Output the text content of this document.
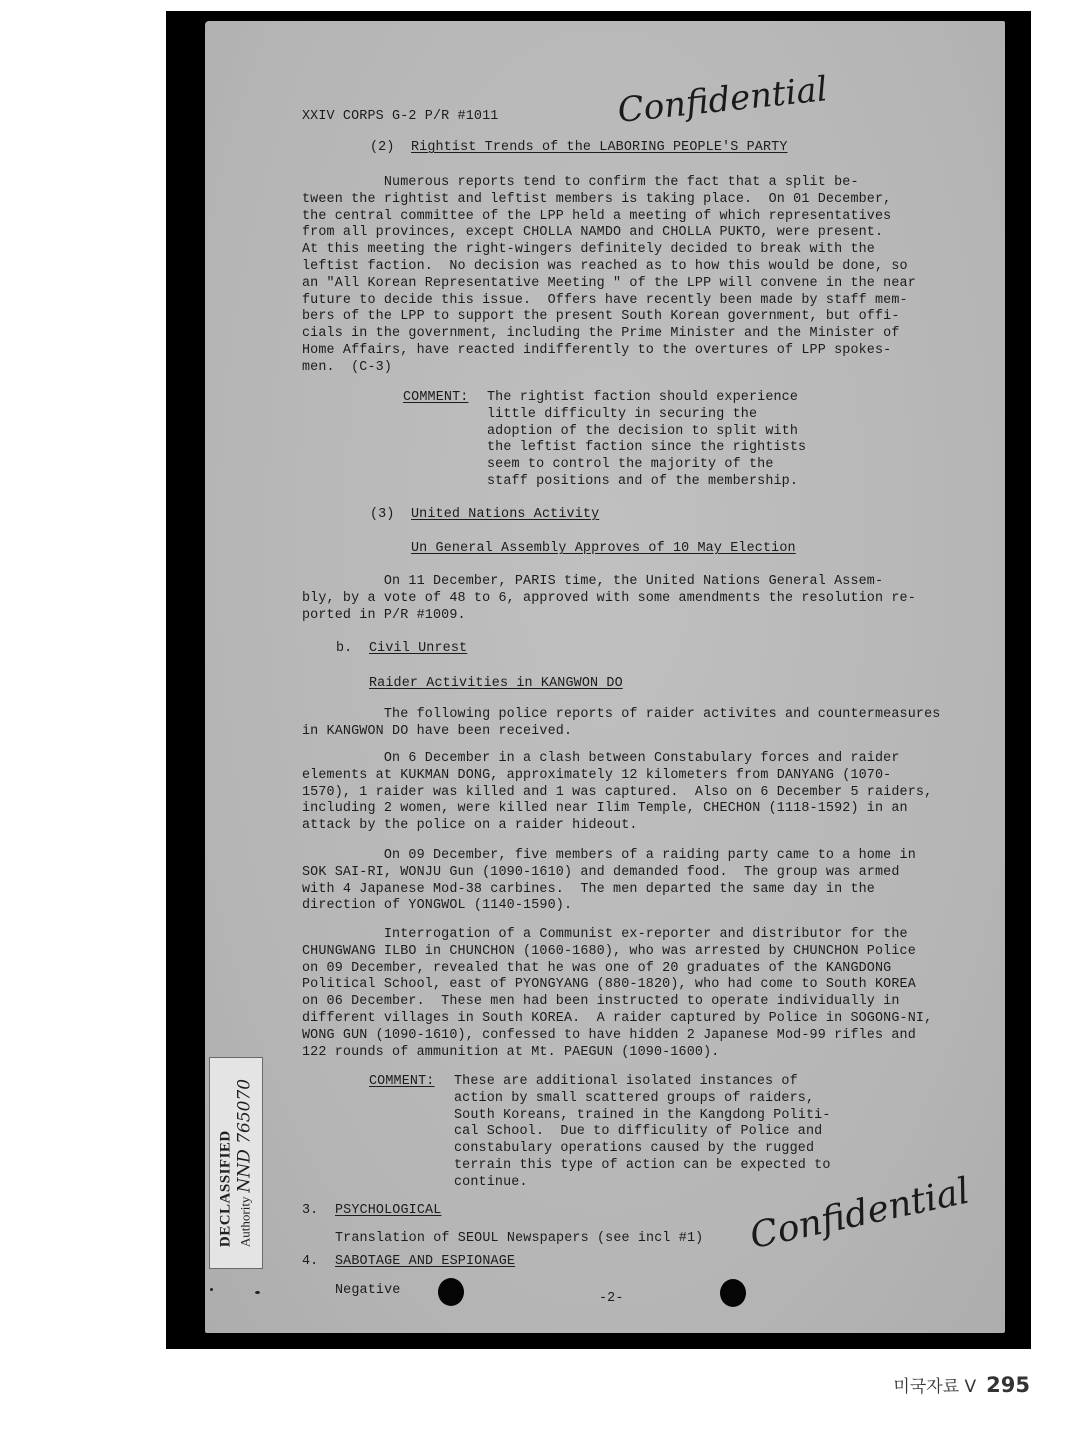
XXIV CORPS G-2 P/R #1011	Confidential
(2) Rightist Trends of the LABORING PEOPLE'S PARTY
Numerous reports tend to confirm the fact that a split be-
tween the rightist and leftist members is taking place.  On 01 December,
the central committee of the LPP held a meeting of which representatives
from all provinces, except CHOLLA NAMDO and CHOLLA PUKTO, were present.
At this meeting the right-wingers definitely decided to break with the
leftist faction.  No decision was reached as to how this would be done, so
an "All Korean Representative Meeting " of the LPP will convene in the near
future to decide this issue.  Offers have recently been made by staff mem-
bers of the LPP to support the present South Korean government, but offi-
cials in the government, including the Prime Minister and the Minister of
Home Affairs, have reacted indifferently to the overtures of LPP spokes-
men.  (C-3)
COMMENT: The rightist faction should experience
little difficulty in securing the
adoption of the decision to split with
the leftist faction since the rightists
seem to control the majority of the
staff positions and of the membership.
(3) United Nations Activity
Un General Assembly Approves of 10 May Election
On 11 December, PARIS time, the United Nations General Assem-
bly, by a vote of 48 to 6, approved with some amendments the resolution re-
ported in P/R #1009.
b. Civil Unrest
Raider Activities in KANGWON DO
The following police reports of raider activites and countermeasures
in KANGWON DO have been received.
On 6 December in a clash between Constabulary forces and raider
elements at KUKMAN DONG, approximately 12 kilometers from DANYANG (1070-
1570), 1 raider was killed and 1 was captured.  Also on 6 December 5 raiders,
including 2 women, were killed near Ilim Temple, CHECHON (1118-1592) in an
attack by the police on a raider hideout.
On 09 December, five members of a raiding party came to a home in
SOK SAI-RI, WONJU Gun (1090-1610) and demanded food.  The group was armed
with 4 Japanese Mod-38 carbines.  The men departed the same day in the
direction of YONGWOL (1140-1590).
Interrogation of a Communist ex-reporter and distributor for the
CHUNGWANG ILBO in CHUNCHON (1060-1680), who was arrested by CHUNCHON Police
on 09 December, revealed that he was one of 20 graduates of the KANGDONG
Political School, east of PYONGYANG (880-1820), who had come to South KOREA
on 06 December.  These men had been instructed to operate individually in
different villages in South KOREA.  A raider captured by Police in SOGONG-NI,
WONG GUN (1090-1610), confessed to have hidden 2 Japanese Mod-99 rifles and
122 rounds of ammunition at Mt. PAEGUN (1090-1600).
COMMENT: These are additional isolated instances of
action by small scattered groups of raiders,
South Koreans, trained in the Kangdong Politi-
cal School.  Due to difficulity of Police and
constabulary operations caused by the rugged
terrain this type of action can be expected to
continue.
3. PSYCHOLOGICAL
Translation of SEOUL Newspapers (see incl #1)
4. SABOTAGE AND ESPIONAGE
Negative
-2-
Confidential
DECLASSIFIED AuthorityNND 765070
미국자료 V 295
